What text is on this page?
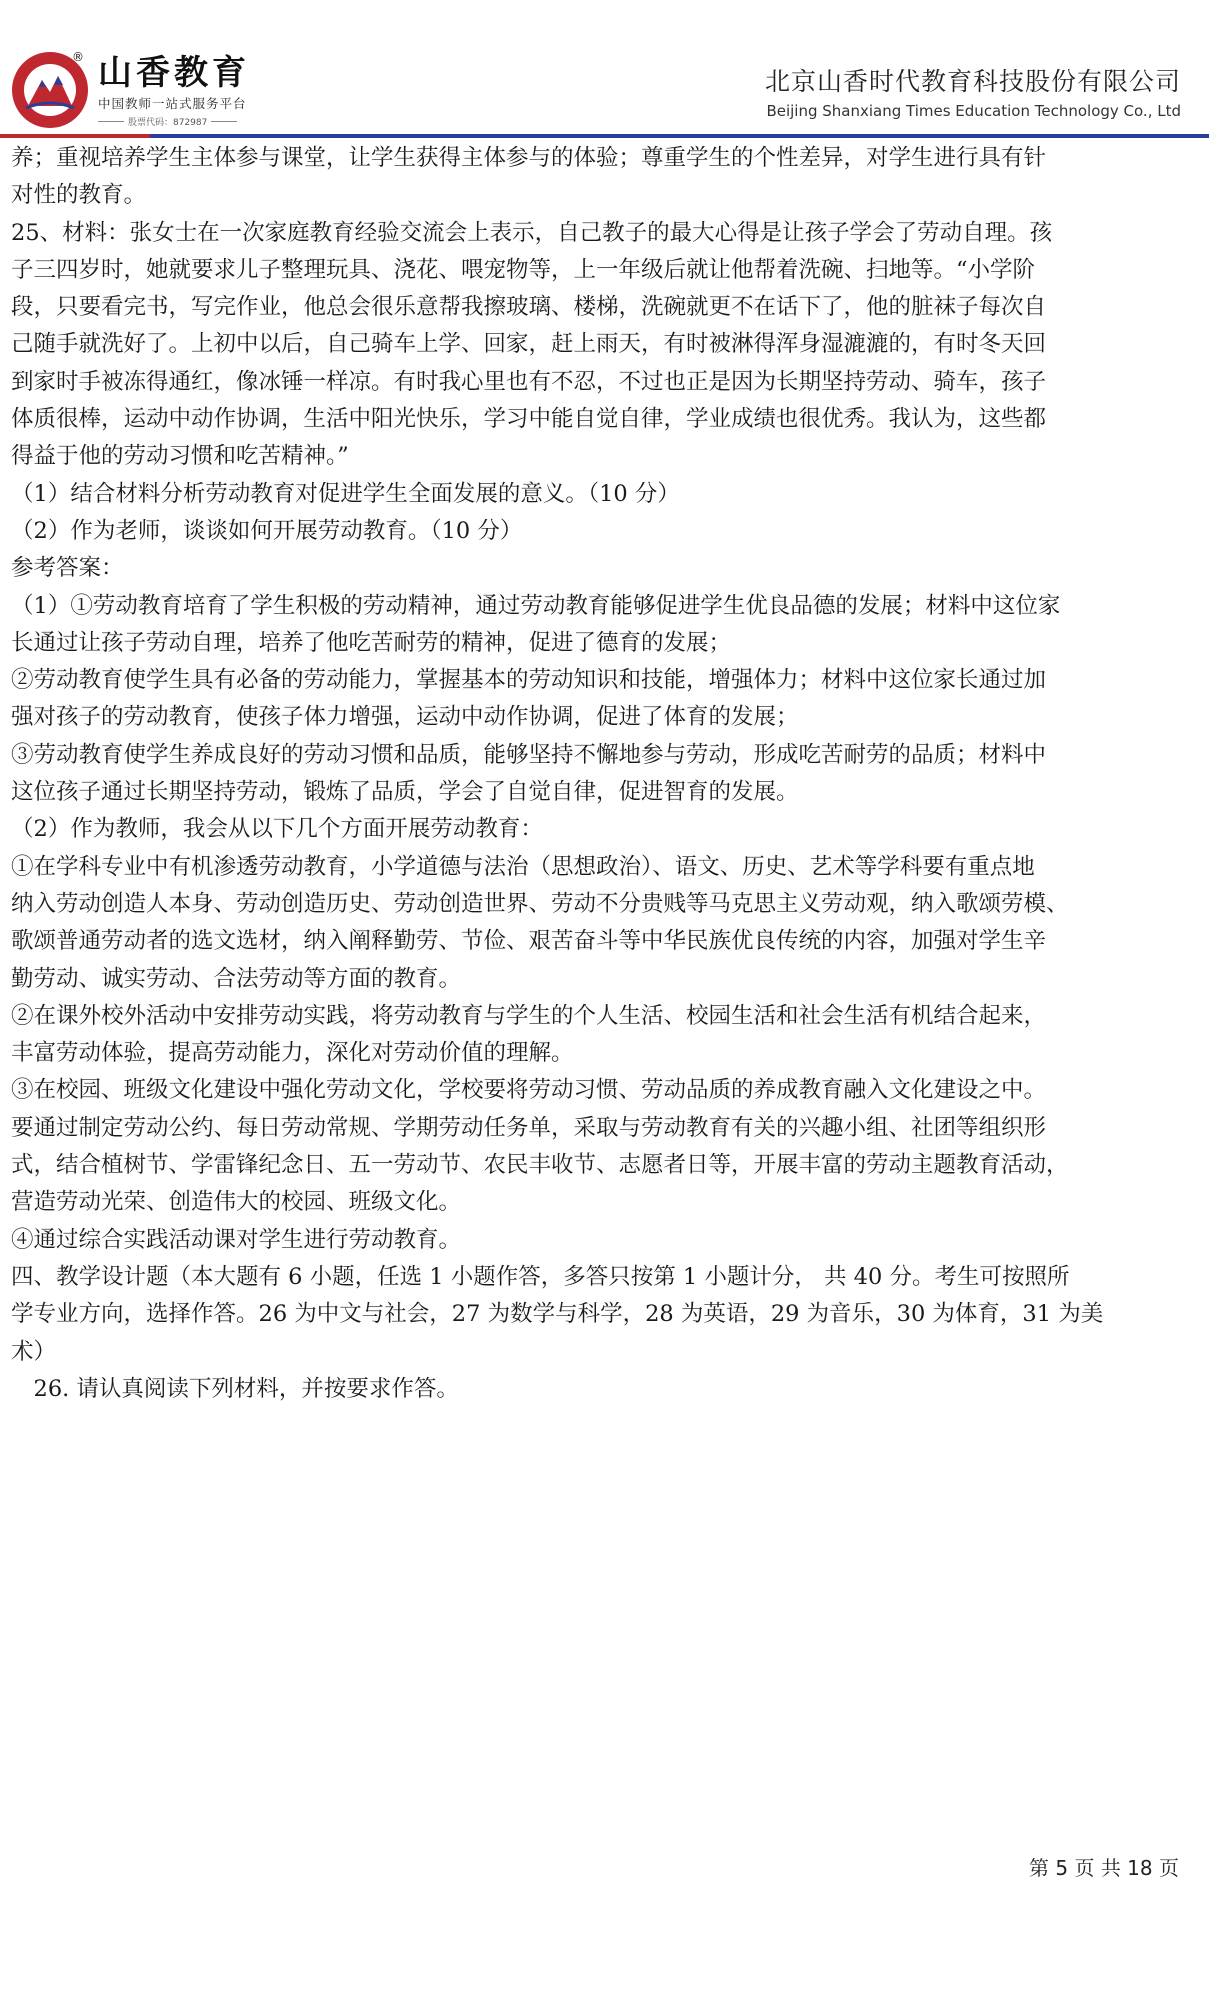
® 山香教育
中国教师一站式服务平台
股票代码：872987
北京山香时代教育科技股份有限公司
Beijing Shanxiang Times Education Technology Co., Ltd

养；重视培养学生主体参与课堂，让学生获得主体参与的体验；尊重学生的个性差异，对学生进行具有针

对性的教育。

25、材料：张女士在一次家庭教育经验交流会上表示，自己教子的最大心得是让孩子学会了劳动自理。孩

子三四岁时，她就要求儿子整理玩具、浇花、喂宠物等，上一年级后就让他帮着洗碗、扫地等。“小学阶

段，只要看完书，写完作业，他总会很乐意帮我擦玻璃、楼梯，洗碗就更不在话下了，他的脏袜子每次自

己随手就洗好了。上初中以后，自己骑车上学、回家，赶上雨天，有时被淋得浑身湿漉漉的，有时冬天回

到家时手被冻得通红，像冰锤一样凉。有时我心里也有不忍，不过也正是因为长期坚持劳动、骑车，孩子

体质很棒，运动中动作协调，生活中阳光快乐，学习中能自觉自律，学业成绩也很优秀。我认为，这些都

得益于他的劳动习惯和吃苦精神。”

（1）结合材料分析劳动教育对促进学生全面发展的意义。（10 分）

（2）作为老师，谈谈如何开展劳动教育。（10 分）

参考答案：

（1）①劳动教育培育了学生积极的劳动精神，通过劳动教育能够促进学生优良品德的发展；材料中这位家

长通过让孩子劳动自理，培养了他吃苦耐劳的精神，促进了德育的发展；

②劳动教育使学生具有必备的劳动能力，掌握基本的劳动知识和技能，增强体力；材料中这位家长通过加

强对孩子的劳动教育，使孩子体力增强，运动中动作协调，促进了体育的发展；

③劳动教育使学生养成良好的劳动习惯和品质，能够坚持不懈地参与劳动，形成吃苦耐劳的品质；材料中

这位孩子通过长期坚持劳动，锻炼了品质，学会了自觉自律，促进智育的发展。

（2）作为教师，我会从以下几个方面开展劳动教育：

①在学科专业中有机渗透劳动教育，小学道德与法治（思想政治）、语文、历史、艺术等学科要有重点地

纳入劳动创造人本身、劳动创造历史、劳动创造世界、劳动不分贵贱等马克思主义劳动观，纳入歌颂劳模、

歌颂普通劳动者的选文选材，纳入阐释勤劳、节俭、艰苦奋斗等中华民族优良传统的内容，加强对学生辛

勤劳动、诚实劳动、合法劳动等方面的教育。

②在课外校外活动中安排劳动实践，将劳动教育与学生的个人生活、校园生活和社会生活有机结合起来，

丰富劳动体验，提高劳动能力，深化对劳动价值的理解。

③在校园、班级文化建设中强化劳动文化，学校要将劳动习惯、劳动品质的养成教育融入文化建设之中。

要通过制定劳动公约、每日劳动常规、学期劳动任务单，采取与劳动教育有关的兴趣小组、社团等组织形

式，结合植树节、学雷锋纪念日、五一劳动节、农民丰收节、志愿者日等，开展丰富的劳动主题教育活动，

营造劳动光荣、创造伟大的校园、班级文化。

④通过综合实践活动课对学生进行劳动教育。

四、教学设计题（本大题有 6 小题，任选 1 小题作答，多答只按第 1 小题计分， 共 40 分。考生可按照所

学专业方向，选择作答。26 为中文与社会，27 为数学与科学，28 为英语，29 为音乐，30 为体育，31 为美

术）

　26. 请认真阅读下列材料，并按要求作答。

第 5 页 共 18 页
